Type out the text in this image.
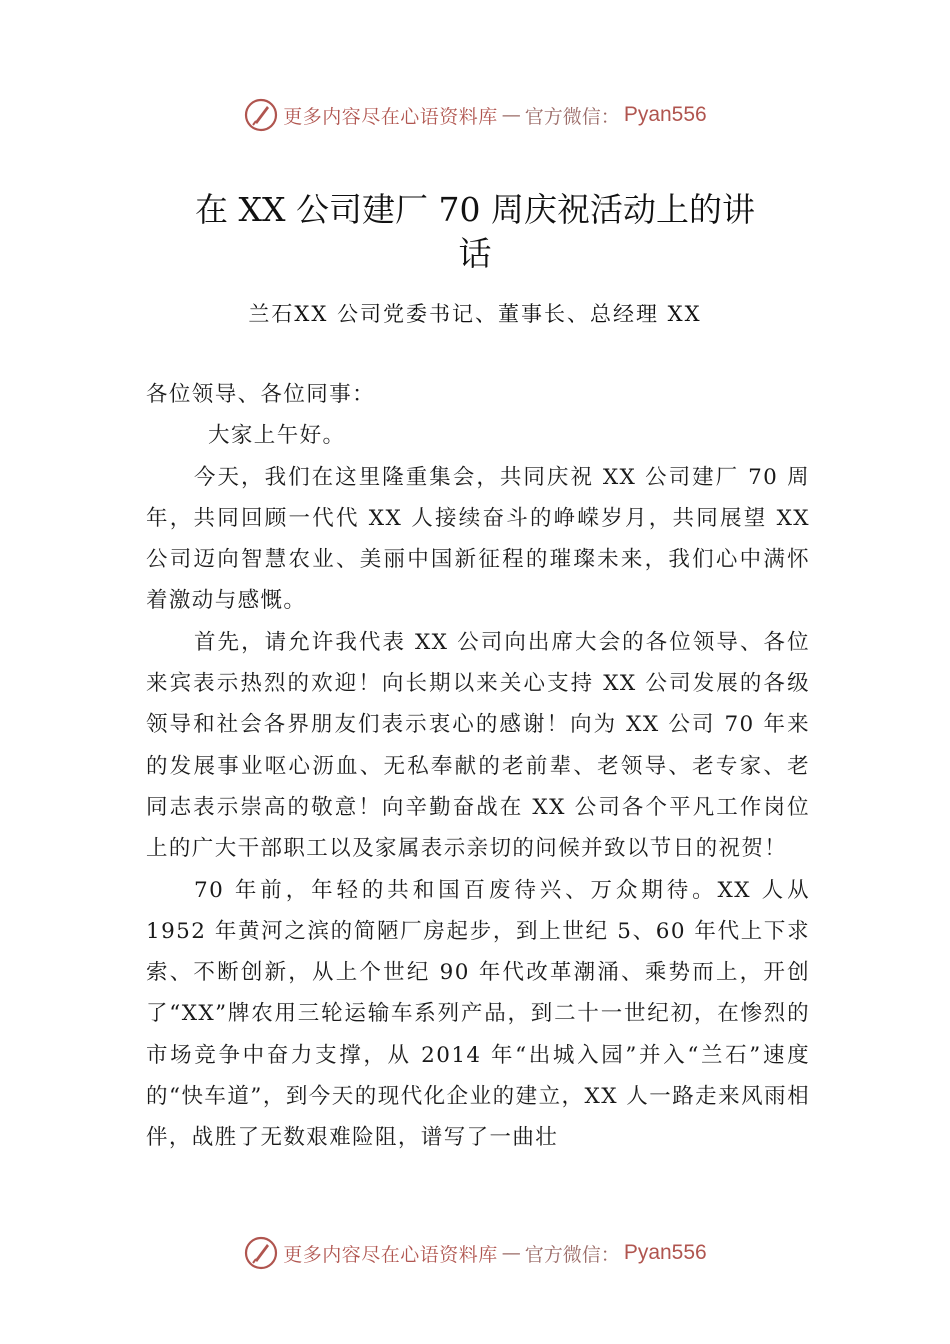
更多内容尽在心语资料库 — 官方微信： Pyan556
在 XX 公司建厂 70 周庆祝活动上的讲
话
兰石XX 公司党委书记、董事长、总经理 XX

各位领导、各位同事：

大家上午好。

今天，我们在这里隆重集会，共同庆祝 XX 公司建厂 70 周年，共同回顾一代代 XX 人接续奋斗的峥嵘岁月，共同展望 XX 公司迈向智慧农业、美丽中国新征程的璀璨未来，我们心中满怀着激动与感慨。

首先，请允许我代表 XX 公司向出席大会的各位领导、各位来宾表示热烈的欢迎！向长期以来关心支持 XX 公司发展的各级领导和社会各界朋友们表示衷心的感谢！向为 XX 公司 70 年来的发展事业呕心沥血、无私奉献的老前辈、老领导、老专家、老同志表示崇高的敬意！向辛勤奋战在 XX 公司各个平凡工作岗位上的广大干部职工以及家属表示亲切的问候并致以节日的祝贺！

70 年前，年轻的共和国百废待兴、万众期待。XX 人从 1952 年黄河之滨的简陋厂房起步，到上世纪 5、60 年代上下求索、不断创新，从上个世纪 90 年代改革潮涌、乘势而上，开创了“XX”牌农用三轮运输车系列产品，到二十一世纪初，在惨烈的市场竞争中奋力支撑，从 2014 年“出城入园”并入“兰石”速度的“快车道”，到今天的现代化企业的建立，XX 人一路走来风雨相伴，战胜了无数艰难险阻，谱写了一曲壮

更多内容尽在心语资料库 — 官方微信： Pyan556
